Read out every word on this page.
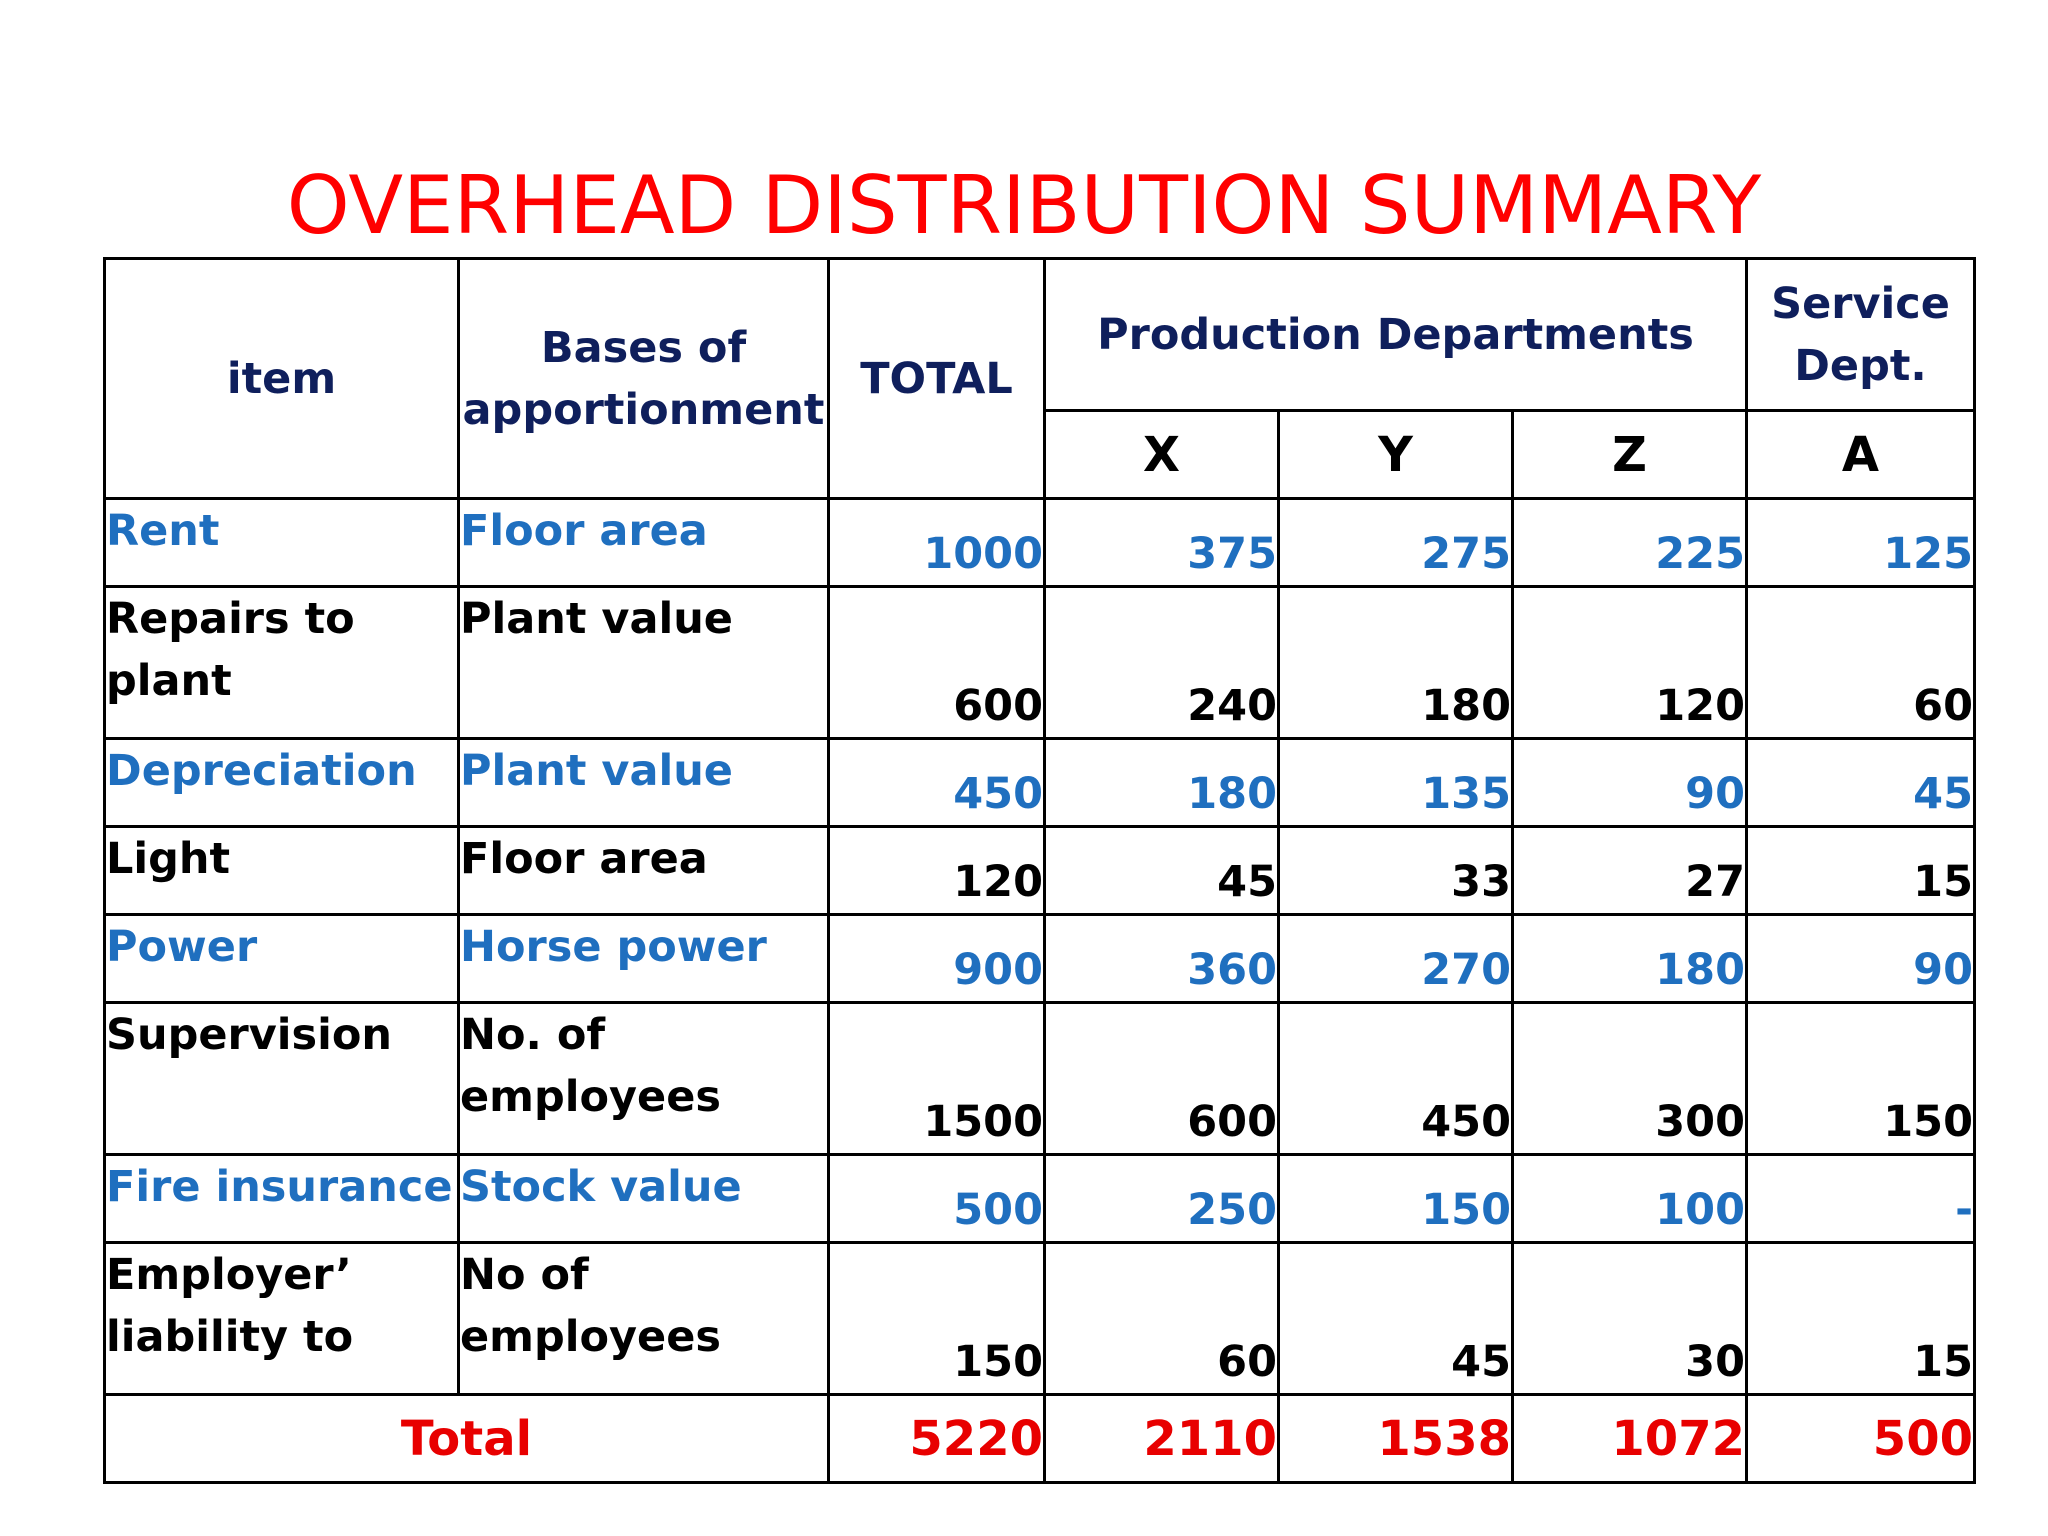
OVERHEAD DISTRIBUTION SUMMARY
item	Bases of apportionment	TOTAL	Production Departments			Service Dept.
			X	Y	Z	A
Rent	Floor area	1000	375	275	225	125
Repairs to plant	Plant value	600	240	180	120	60
Depreciation	Plant value	450	180	135	90	45
Light	Floor area	120	45	33	27	15
Power	Horse power	900	360	270	180	90
Supervision	No. of employees	1500	600	450	300	150
Fire insurance	Stock value	500	250	150	100	-
Employer’ liability to	No of employees	150	60	45	30	15
Total		5220	2110	1538	1072	500
